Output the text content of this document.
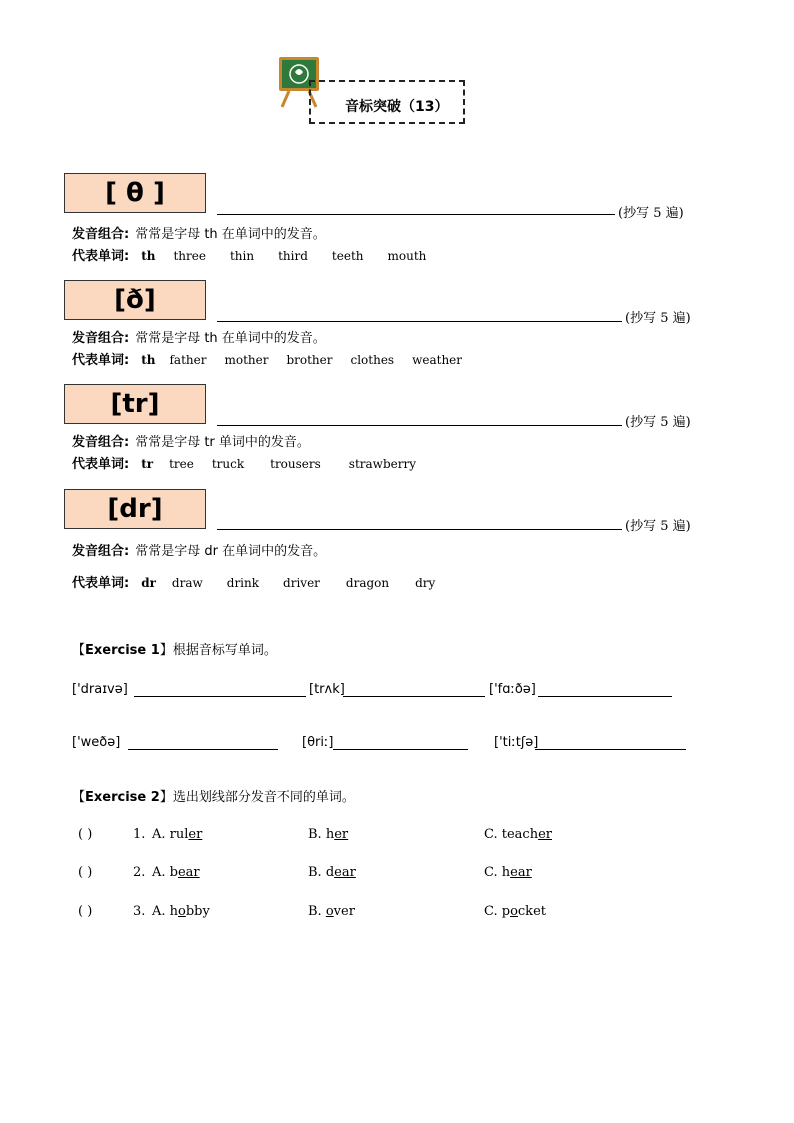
音标突破（13）
[ θ ]
(抄写 5 遍)
发音组合: 常常是字母 th 在单词中的发音。
代表单词: th three thin third teeth mouth
[ð]
(抄写 5 遍)
发音组合: 常常是字母 th 在单词中的发音。
代表单词: th father mother brother clothes weather
[tr]
(抄写 5 遍)
发音组合: 常常是字母 tr 单词中的发音。
代表单词: tr tree truck trousers strawberry
[dr]
(抄写 5 遍)
发音组合: 常常是字母 dr 在单词中的发音。
代表单词: dr draw drink driver dragon dry
【Exercise 1】根据音标写单词。
['draɪvə]	[trʌk]	['fɑːðə]
['weðə]	[θriː]	['tiːtʃə]
【Exercise 2】选出划线部分发音不同的单词。
( )	1. A. ruler	B. her	C. teacher
( )	2. A. bear	B. dear	C. hear
( )	3. A. hobby	B. over	C. pocket
